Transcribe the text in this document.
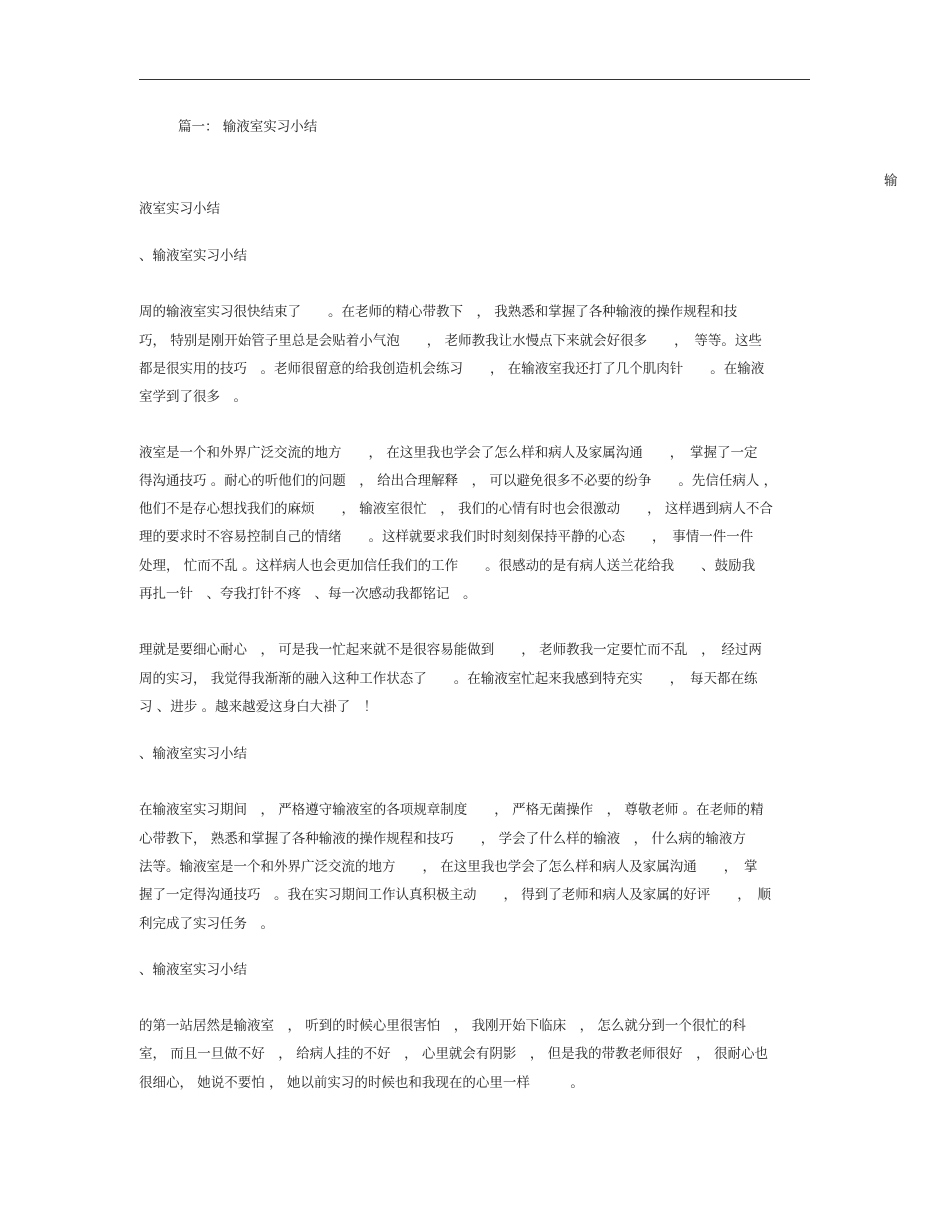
篇一： 输液室实习小结
输
液室实习小结
、输液室实习小结
周的输液室实习很快结束了　　。在老师的精心带教下　， 我熟悉和掌握了各种输液的操作规程和技
巧， 特别是刚开始管子里总是会贴着小气泡　　， 老师教我让水慢点下来就会好很多　　，　等等。这些
都是很实用的技巧　。老师很留意的给我创造机会练习　　， 在输液室我还打了几个肌肉针　　。在输液
室学到了很多　。
液室是一个和外界广泛交流的地方　　， 在这里我也学会了怎么样和病人及家属沟通　　，　掌握了一定
得沟通技巧 。耐心的听他们的问题　， 给出合理解释　， 可以避免很多不必要的纷争　　。先信任病人 ，
他们不是存心想找我们的麻烦　　， 输液室很忙　， 我们的心情有时也会很激动　　， 这样遇到病人不合
理的要求时不容易控制自己的情绪　　。这样就要求我们时时刻刻保持平静的心态　　，　事情一件一件
处理， 忙而不乱 。这样病人也会更加信任我们的工作　　。很感动的是有病人送兰花给我　　、鼓励我
再扎一针　、夸我打针不疼　、每一次感动我都铭记　。
理就是要细心耐心　， 可是我一忙起来就不是很容易能做到　　， 老师教我一定要忙而不乱　，　经过两
周的实习， 我觉得我渐渐的融入这种工作状态了　　。在输液室忙起来我感到特充实　　，　每天都在练
习 、进步 。越来越爱这身白大褂了　！
、输液室实习小结
在输液室实习期间　， 严格遵守输液室的各项规章制度　　， 严格无菌操作　， 尊敬老师 。在老师的精
心带教下， 熟悉和掌握了各种输液的操作规程和技巧　　， 学会了什么样的输液　， 什么病的输液方
法等。输液室是一个和外界广泛交流的地方　　， 在这里我也学会了怎么样和病人及家属沟通　　，　掌
握了一定得沟通技巧　。我在实习期间工作认真积极主动　　， 得到了老师和病人及家属的好评　　，　顺
利完成了实习任务　。
、输液室实习小结
的第一站居然是输液室　， 听到的时候心里很害怕　， 我刚开始下临床　， 怎么就分到一个很忙的科
室， 而且一旦做不好　， 给病人挂的不好　， 心里就会有阴影　， 但是我的带教老师很好　， 很耐心也
很细心， 她说不要怕 ， 她以前实习的时候也和我现在的心里一样　　　。
